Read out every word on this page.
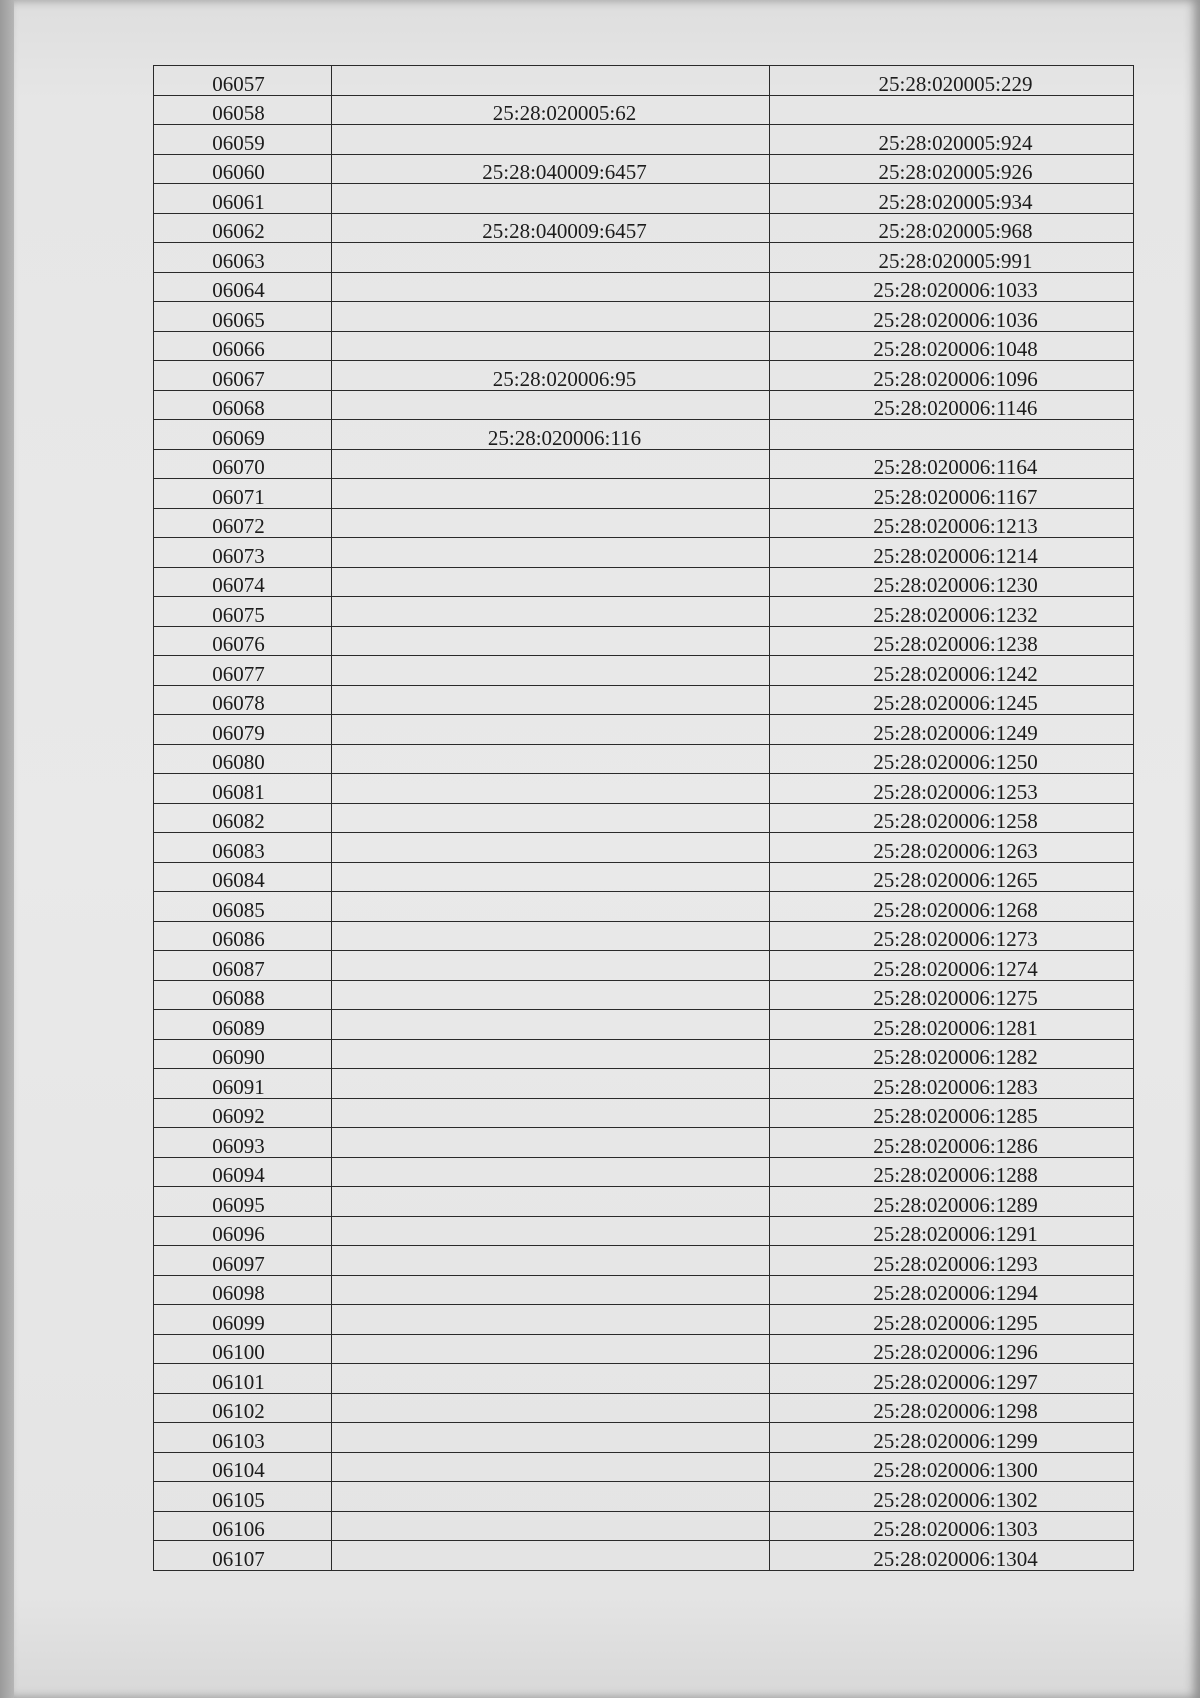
06057		25:28:020005:229
06058	25:28:020005:62	
06059		25:28:020005:924
06060	25:28:040009:6457	25:28:020005:926
06061		25:28:020005:934
06062	25:28:040009:6457	25:28:020005:968
06063		25:28:020005:991
06064		25:28:020006:1033
06065		25:28:020006:1036
06066		25:28:020006:1048
06067	25:28:020006:95	25:28:020006:1096
06068		25:28:020006:1146
06069	25:28:020006:116	
06070		25:28:020006:1164
06071		25:28:020006:1167
06072		25:28:020006:1213
06073		25:28:020006:1214
06074		25:28:020006:1230
06075		25:28:020006:1232
06076		25:28:020006:1238
06077		25:28:020006:1242
06078		25:28:020006:1245
06079		25:28:020006:1249
06080		25:28:020006:1250
06081		25:28:020006:1253
06082		25:28:020006:1258
06083		25:28:020006:1263
06084		25:28:020006:1265
06085		25:28:020006:1268
06086		25:28:020006:1273
06087		25:28:020006:1274
06088		25:28:020006:1275
06089		25:28:020006:1281
06090		25:28:020006:1282
06091		25:28:020006:1283
06092		25:28:020006:1285
06093		25:28:020006:1286
06094		25:28:020006:1288
06095		25:28:020006:1289
06096		25:28:020006:1291
06097		25:28:020006:1293
06098		25:28:020006:1294
06099		25:28:020006:1295
06100		25:28:020006:1296
06101		25:28:020006:1297
06102		25:28:020006:1298
06103		25:28:020006:1299
06104		25:28:020006:1300
06105		25:28:020006:1302
06106		25:28:020006:1303
06107		25:28:020006:1304
